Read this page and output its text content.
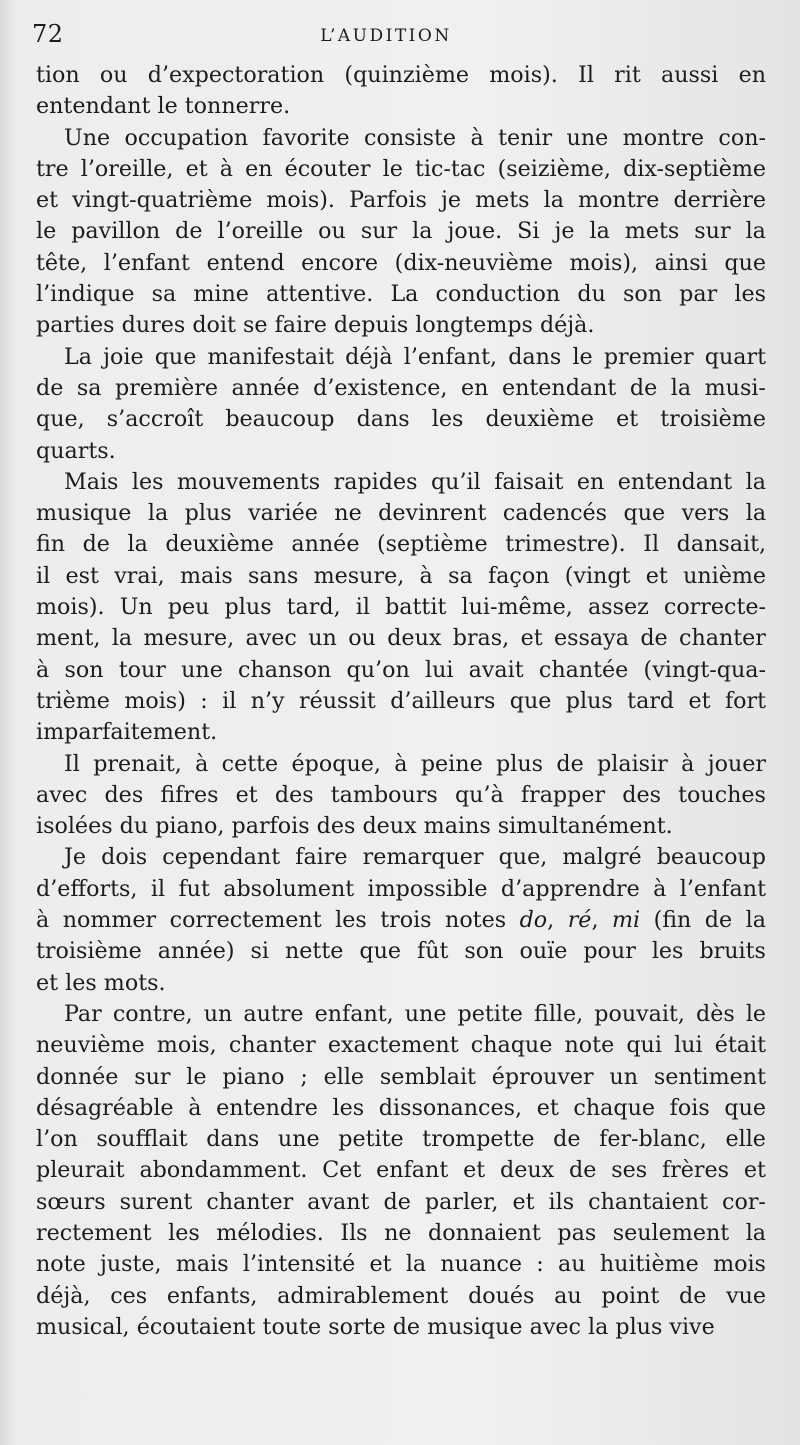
72	L’AUDITION
tion ou d’expectoration (quinzième mois). Il rit aussi en
entendant le tonnerre.
Une occupation favorite consiste à tenir une montre con-
tre l’oreille, et à en écouter le tic-tac (seizième, dix-septième
et vingt-quatrième mois). Parfois je mets la montre derrière
le pavillon de l’oreille ou sur la joue. Si je la mets sur la
tête, l’enfant entend encore (dix-neuvième mois), ainsi que
l’indique sa mine attentive. La conduction du son par les
parties dures doit se faire depuis longtemps déjà.
La joie que manifestait déjà l’enfant, dans le premier quart
de sa première année d’existence, en entendant de la musi-
que, s’accroît beaucoup dans les deuxième et troisième
quarts.
Mais les mouvements rapides qu’il faisait en entendant la
musique la plus variée ne devinrent cadencés que vers la
fin de la deuxième année (septième trimestre). Il dansait,
il est vrai, mais sans mesure, à sa façon (vingt et unième
mois). Un peu plus tard, il battit lui-même, assez correcte-
ment, la mesure, avec un ou deux bras, et essaya de chanter
à son tour une chanson qu’on lui avait chantée (vingt-qua-
trième mois) : il n’y réussit d’ailleurs que plus tard et fort
imparfaitement.
Il prenait, à cette époque, à peine plus de plaisir à jouer
avec des fifres et des tambours qu’à frapper des touches
isolées du piano, parfois des deux mains simultanément.
Je dois cependant faire remarquer que, malgré beaucoup
d’efforts, il fut absolument impossible d’apprendre à l’enfant
à nommer correctement les trois notes do, ré, mi (fin de la
troisième année) si nette que fût son ouïe pour les bruits
et les mots.
Par contre, un autre enfant, une petite fille, pouvait, dès le
neuvième mois, chanter exactement chaque note qui lui était
donnée sur le piano ; elle semblait éprouver un sentiment
désagréable à entendre les dissonances, et chaque fois que
l’on soufflait dans une petite trompette de fer-blanc, elle
pleurait abondamment. Cet enfant et deux de ses frères et
sœurs surent chanter avant de parler, et ils chantaient cor-
rectement les mélodies. Ils ne donnaient pas seulement la
note juste, mais l’intensité et la nuance : au huitième mois
déjà, ces enfants, admirablement doués au point de vue
musical, écoutaient toute sorte de musique avec la plus vive
